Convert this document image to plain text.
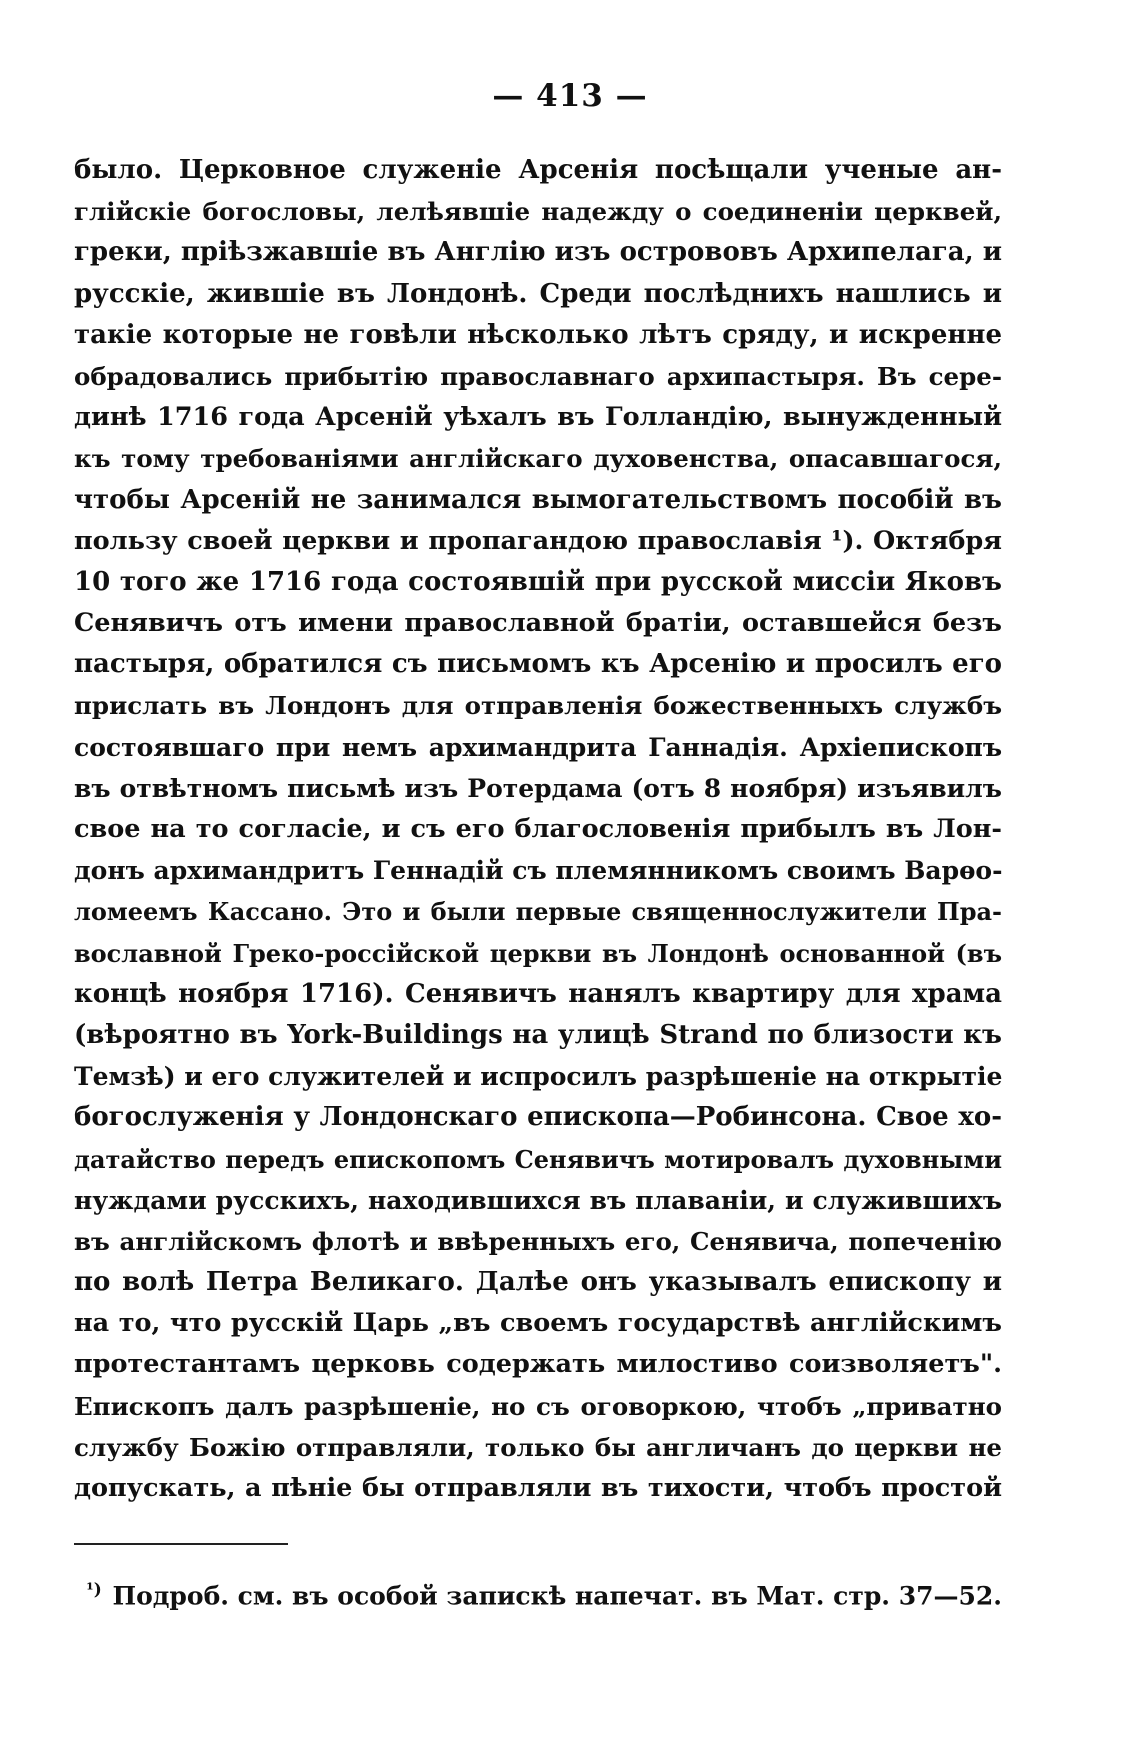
— 413 —
было. Церковное служеніе Арсенія посѣщали ученые ан-
глійскіе богословы, лелѣявшіе надежду о соединеніи церквей,
греки, пріѣзжавшіе въ Англію изъ острововъ Архипелага, и
русскіе, жившіе въ Лондонѣ. Среди послѣднихъ нашлись и
такіе которые не говѣли нѣсколько лѣтъ сряду, и искренне
обрадовались прибытію православнаго архипастыря. Въ сере-
динѣ 1716 года Арсеній уѣхалъ въ Голландію, вынужденный
къ тому требованіями англійскаго духовенства, опасавшагося,
чтобы Арсеній не занимался вымогательствомъ пособій въ
пользу своей церкви и пропагандою православія ¹). Октября
10 того же 1716 года состоявшій при русской миссіи Яковъ
Сенявичъ отъ имени православной братіи, оставшейся безъ
пастыря, обратился съ письмомъ къ Арсенію и просилъ его
прислать въ Лондонъ для отправленія божественныхъ службъ
состоявшаго при немъ архимандрита Ганнадія. Архіепископъ
въ отвѣтномъ письмѣ изъ Ротердама (отъ 8 ноября) изъявилъ
свое на то согласіе, и съ его благословенія прибылъ въ Лон-
донъ архимандритъ Геннадій съ племянникомъ своимъ Варѳо-
ломеемъ Кассано. Это и были первые священнослужители Пра-
вославной Греко-россійской церкви въ Лондонѣ основанной (въ
концѣ ноября 1716). Сенявичъ нанялъ квартиру для храма
(вѣроятно въ York-Buildings на улицѣ Strand по близости къ
Темзѣ) и его служителей и испросилъ разрѣшеніе на открытіе
богослуженія у Лондонскаго епископа—Робинсона. Свое хо-
датайство передъ епископомъ Сенявичъ мотировалъ духовными
нуждами русскихъ, находившихся въ плаваніи, и служившихъ
въ англійскомъ флотѣ и ввѣренныхъ его, Сенявича, попеченію
по волѣ Петра Великаго. Далѣе онъ указывалъ епископу и
на то, что русскій Царь „въ своемъ государствѣ англійскимъ
протестантамъ церковь содержать милостиво соизволяетъ".
Епископъ далъ разрѣшеніе, но съ оговоркою, чтобъ „приватно
службу Божію отправляли, только бы англичанъ до церкви не
допускать, а пѣніе бы отправляли въ тихости, чтобъ простой
$^{^1)}$ Подроб. см. въ особой запискѣ напечат. въ Мат. стр. 37—52.
